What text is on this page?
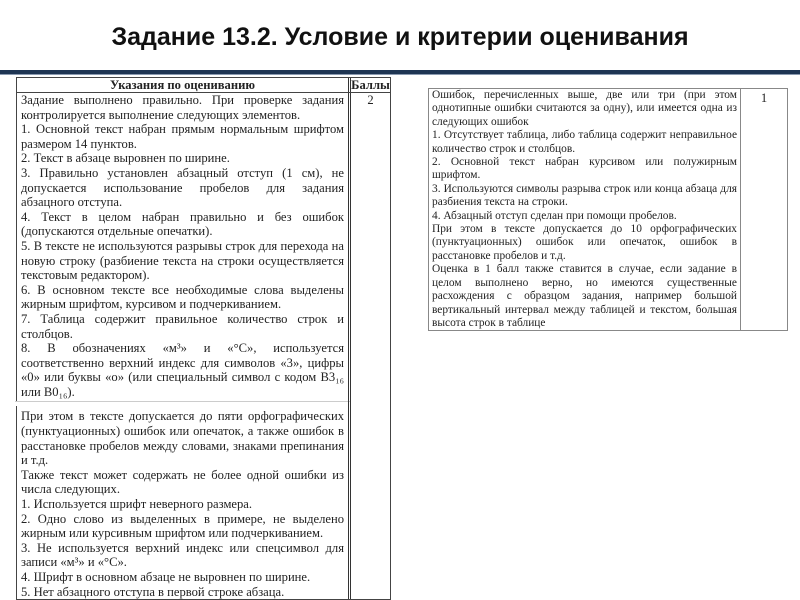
Задание 13.2. Условие и критерии оценивания
Указания по оцениванию	Баллы

Задание выполнено правильно. При проверке задания контролируется выполнение следующих элементов.

1. Основной текст набран прямым нормальным шрифтом размером 14 пунктов.

2. Текст в абзаце выровнен по ширине.

3. Правильно установлен абзацный отступ (1 см), не допускается использование пробелов для задания абзацного отступа.

4. Текст в целом набран правильно и без ошибок (допускаются отдельные опечатки).

5. В тексте не используются разрывы строк для перехода на новую строку (разбиение текста на строки осуществляется текстовым редактором).

6. В основном тексте все необходимые слова выделены жирным шрифтом, курсивом и подчеркиванием.

7. Таблица содержит правильное количество строк и столбцов.

8. В обозначениях «м³» и «°С», используется соответственно верхний индекс для символов «3», цифры «0» или буквы «о» (или специальный символ с кодом B3₁₆ или B0₁₆).

При этом в тексте допускается до пяти орфографических (пунктуационных) ошибок или опечаток, а также ошибок в расстановке пробелов между словами, знаками препинания и т.д.

Также текст может содержать не более одной ошибки из числа следующих.

1. Используется шрифт неверного размера.

2. Одно слово из выделенных в примере, не выделено жирным или курсивным шрифтом или подчеркиванием.

3. Не используется верхний индекс или спецсимвол для записи «м³» и «°С».

4. Шрифт в основном абзаце не выровнен по ширине.

5. Нет абзацного отступа в первой строке абзаца.

2	Ошибок, перечисленных выше, две или три (при этом однотипные ошибки считаются за одну), или имеется одна из следующих ошибок

1. Отсутствует таблица, либо таблица содержит неправильное количество строк и столбцов.

2. Основной текст набран курсивом или полужирным шрифтом.

3. Используются символы разрыва строк или конца абзаца для разбиения текста на строки.

4. Абзацный отступ сделан при помощи пробелов.

При этом в тексте допускается до 10 орфографических (пунктуационных) ошибок или опечаток, ошибок в расстановке пробелов и т.д.

Оценка в 1 балл также ставится в случае, если задание в целом выполнено верно, но имеются существенные расхождения с образцом задания, например большой вертикальный интервал между таблицей и текстом, большая высота строк в таблице

1
